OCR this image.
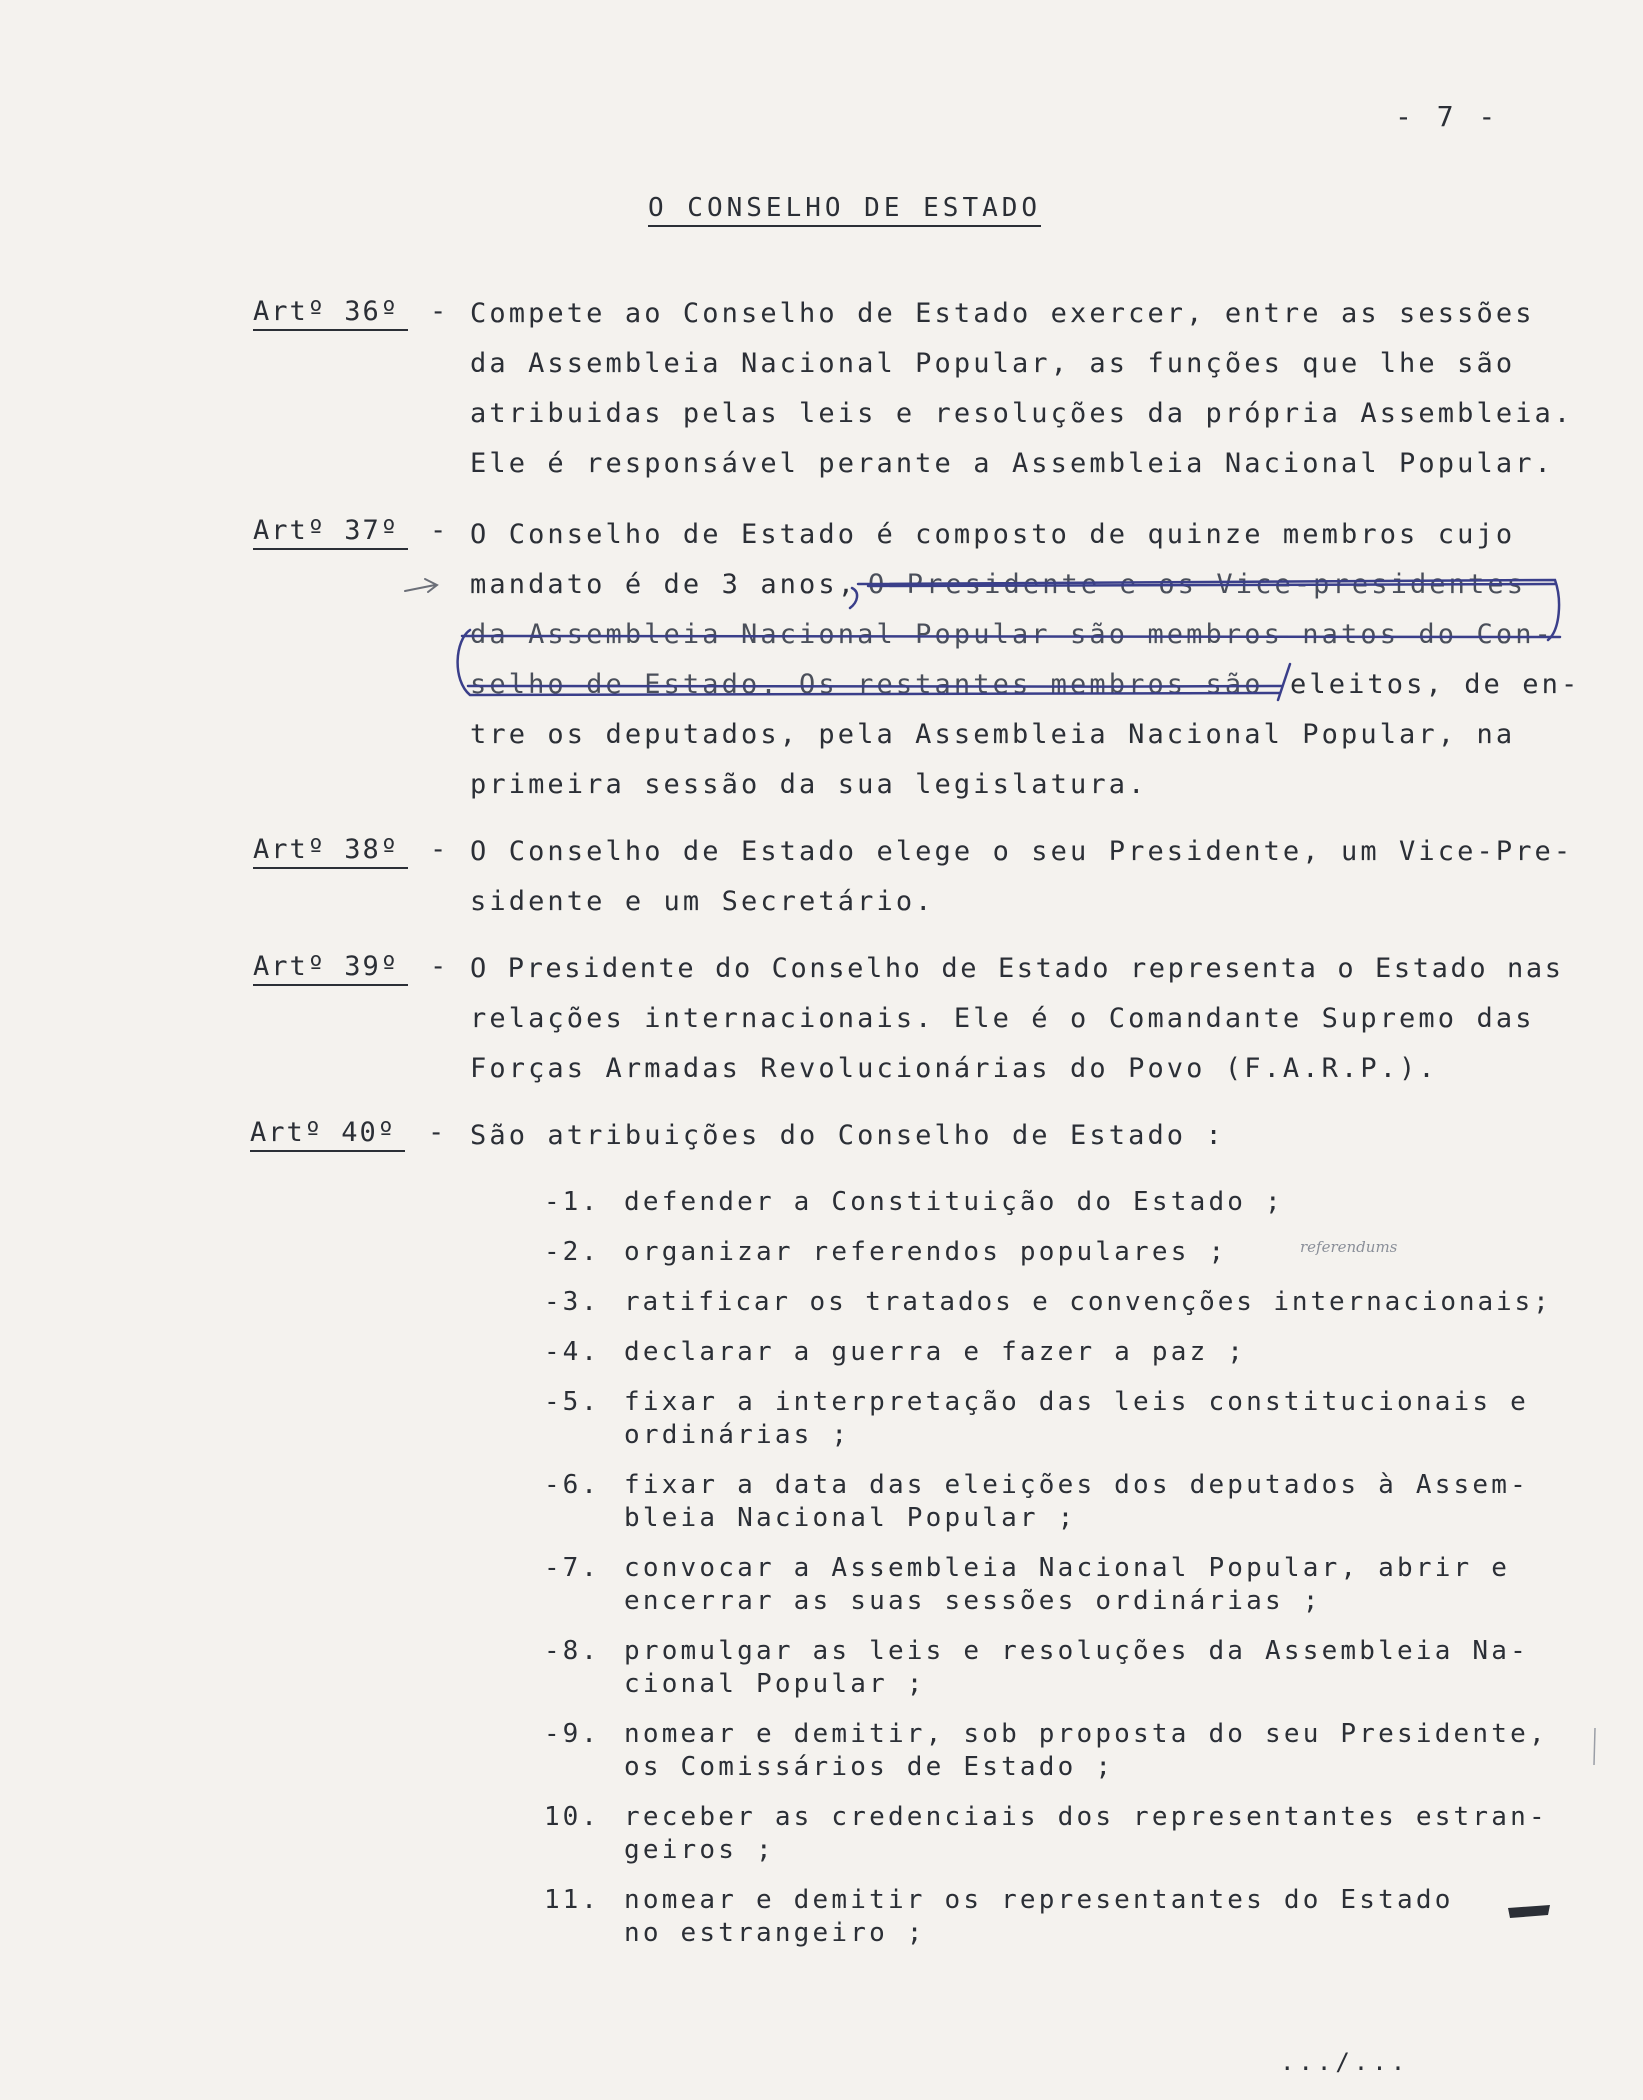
- 7 -
O CONSELHO DE ESTADO
Artº 36º	- Compete ao Conselho de Estado exercer, entre as sessões
da Assembleia Nacional Popular, as funções que lhe são
atribuidas pelas leis e resoluções da própria Assembleia.
Ele é responsável perante a Assembleia Nacional Popular.
Artº 37º	- O Conselho de Estado é composto de quinze membros cujo
mandato é de 3 anos, O Presidente e os Vice-presidentes
da Assembleia Nacional Popular são membros natos do Con-
selho de Estado. Os restantes membros são eleitos, de en-
tre os deputados, pela Assembleia Nacional Popular, na
primeira sessão da sua legislatura.
Artº 38º	- O Conselho de Estado elege o seu Presidente, um Vice-Pre-
sidente e um Secretário.
Artº 39º	- O Presidente do Conselho de Estado representa o Estado nas
relações internacionais. Ele é o Comandante Supremo das
Forças Armadas Revolucionárias do Povo (F.A.R.P.).
Artº 40º	- São atribuições do Conselho de Estado :
-1. defender a Constituição do Estado ;
-2. organizar referendos populares ;	referendums
-3. ratificar os tratados e convenções internacionais;
-4. declarar a guerra e fazer a paz ;
-5. fixar a interpretação das leis constitucionais e
ordinárias ;
-6. fixar a data das eleições dos deputados à Assem-
bleia Nacional Popular ;
-7. convocar a Assembleia Nacional Popular, abrir e
encerrar as suas sessões ordinárias ;
-8. promulgar as leis e resoluções da Assembleia Na-
cional Popular ;
-9. nomear e demitir, sob proposta do seu Presidente,
os Comissários de Estado ;
10. receber as credenciais dos representantes estran-
geiros ;
11. nomear e demitir os representantes do Estado
no estrangeiro ;
.../...
